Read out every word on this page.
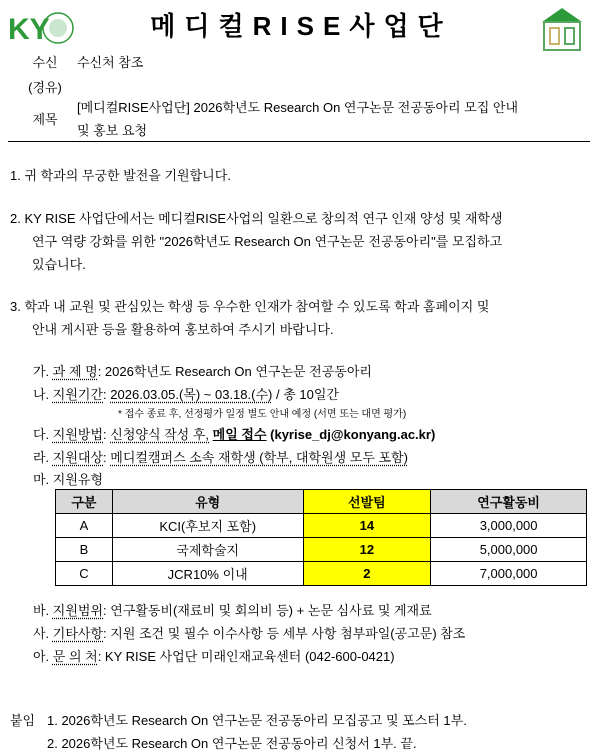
KY	메디컬RISE사업단
수신	수신처 참조
(경유)
제목
[메디컬RISE사업단] 2026학년도 Research On 연구논문 전공동아리 모집 안내
및 홍보 요청
1. 귀 학과의 무궁한 발전을 기원합니다.
2. KY RISE 사업단에서는 메디컬RISE사업의 일환으로 창의적 연구 인재 양성 및 재학생
연구 역량 강화를 위한 "2026학년도 Research On 연구논문 전공동아리"를 모집하고
있습니다.
3. 학과 내 교원 및 관심있는 학생 등 우수한 인재가 참여할 수 있도록 학과 홈페이지 및
안내 게시판 등을 활용하여 홍보하여 주시기 바랍니다.
가. 과 제 명: 2026학년도 Research On 연구논문 전공동아리
나. 지원기간: 2026.03.05.(목) ~ 03.18.(수) / 총 10일간
* 접수 종료 후, 선정평가 일정 별도 안내 예정 (서면 또는 대면 평가)
다. 지원방법: 신청양식 작성 후, 메일 접수 (kyrise_dj@konyang.ac.kr)
라. 지원대상: 메디컬캠퍼스 소속 재학생 (학부, 대학원생 모두 포함)
마. 지원유형
구분	유형	선발팀	연구활동비
A	KCI(후보지 포함)	14	3,000,000
B	국제학술지	12	5,000,000
C	JCR10% 이내	2	7,000,000
바. 지원범위: 연구활동비(재료비 및 회의비 등) + 논문 심사료 및 게재료
사. 기타사항: 지원 조건 및 필수 이수사항 등 세부 사항 첨부파일(공고문) 참조
아. 문 의 처: KY RISE 사업단 미래인재교육센터 (042-600-0421)
붙임 1. 2026학년도 Research On 연구논문 전공동아리 모집공고 및 포스터 1부.
2. 2026학년도 Research On 연구논문 전공동아리 신청서 1부. 끝.
